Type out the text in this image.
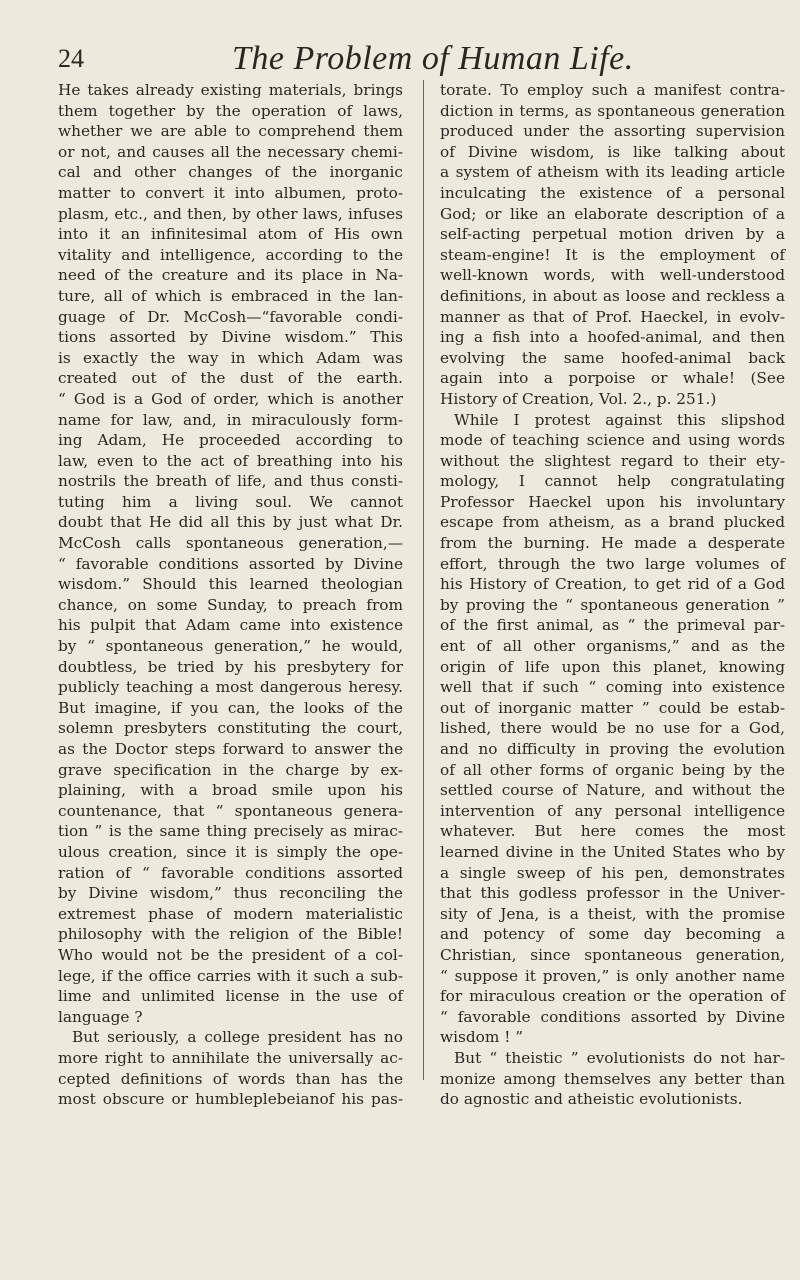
24	The Problem of Human Life.
He takes already existing materials, brings
them together by the operation of laws,
whether we are able to comprehend them
or not, and causes all the necessary chemi-
cal and other changes of the inorganic
matter to convert it into albumen, proto-
plasm, etc., and then, by other laws, infuses
into it an infinitesimal atom of His own
vitality and intelligence, according to the
need of the creature and its place in Na-
ture, all of which is embraced in the lan-
guage of Dr. McCosh—“favorable condi-
tions assorted by Divine wisdom.” This
is exactly the way in which Adam was
created out of the dust of the earth.
“ God is a God of order, which is another
name for law, and, in miraculously form-
ing Adam, He proceeded according to
law, even to the act of breathing into his
nostrils the breath of life, and thus consti-
tuting him a living soul. We cannot
doubt that He did all this by just what Dr.
McCosh calls spontaneous generation,—
“ favorable conditions assorted by Divine
wisdom.” Should this learned theologian
chance, on some Sunday, to preach from
his pulpit that Adam came into existence
by “ spontaneous generation,” he would,
doubtless, be tried by his presbytery for
publicly teaching a most dangerous heresy.
But imagine, if you can, the looks of the
solemn presbyters constituting the court,
as the Doctor steps forward to answer the
grave specification in the charge by ex-
plaining, with a broad smile upon his
countenance, that “ spontaneous genera-
tion ” is the same thing precisely as mirac-
ulous creation, since it is simply the ope-
ration of “ favorable conditions assorted
by Divine wisdom,” thus reconciling the
extremest phase of modern materialistic
philosophy with the religion of the Bible!
Who would not be the president of a col-
lege, if the office carries with it such a sub-
lime and unlimited license in the use of
language ?
But seriously, a college president has no
more right to annihilate the universally ac-
cepted definitions of words than has the
most obscure or humbleplebeianof his pas-
torate. To employ such a manifest contra-
diction in terms, as spontaneous generation
produced under the assorting supervision
of Divine wisdom, is like talking about
a system of atheism with its leading article
inculcating the existence of a personal
God; or like an elaborate description of a
self-acting perpetual motion driven by a
steam-engine! It is the employment of
well-known words, with well-understood
definitions, in about as loose and reckless a
manner as that of Prof. Haeckel, in evolv-
ing a fish into a hoofed-animal, and then
evolving the same hoofed-animal back
again into a porpoise or whale! (See
History of Creation, Vol. 2., p. 251.)
While I protest against this slipshod
mode of teaching science and using words
without the slightest regard to their ety-
mology, I cannot help congratulating
Professor Haeckel upon his involuntary
escape from atheism, as a brand plucked
from the burning. He made a desperate
effort, through the two large volumes of
his History of Creation, to get rid of a God
by proving the “ spontaneous generation ”
of the first animal, as “ the primeval par-
ent of all other organisms,” and as the
origin of life upon this planet, knowing
well that if such “ coming into existence
out of inorganic matter ” could be estab-
lished, there would be no use for a God,
and no difficulty in proving the evolution
of all other forms of organic being by the
settled course of Nature, and without the
intervention of any personal intelligence
whatever. But here comes the most
learned divine in the United States who by
a single sweep of his pen, demonstrates
that this godless professor in the Univer-
sity of Jena, is a theist, with the promise
and potency of some day becoming a
Christian, since spontaneous generation,
“ suppose it proven,” is only another name
for miraculous creation or the operation of
“ favorable conditions assorted by Divine
wisdom ! ”
But “ theistic ” evolutionists do not har-
monize among themselves any better than
do agnostic and atheistic evolutionists.
